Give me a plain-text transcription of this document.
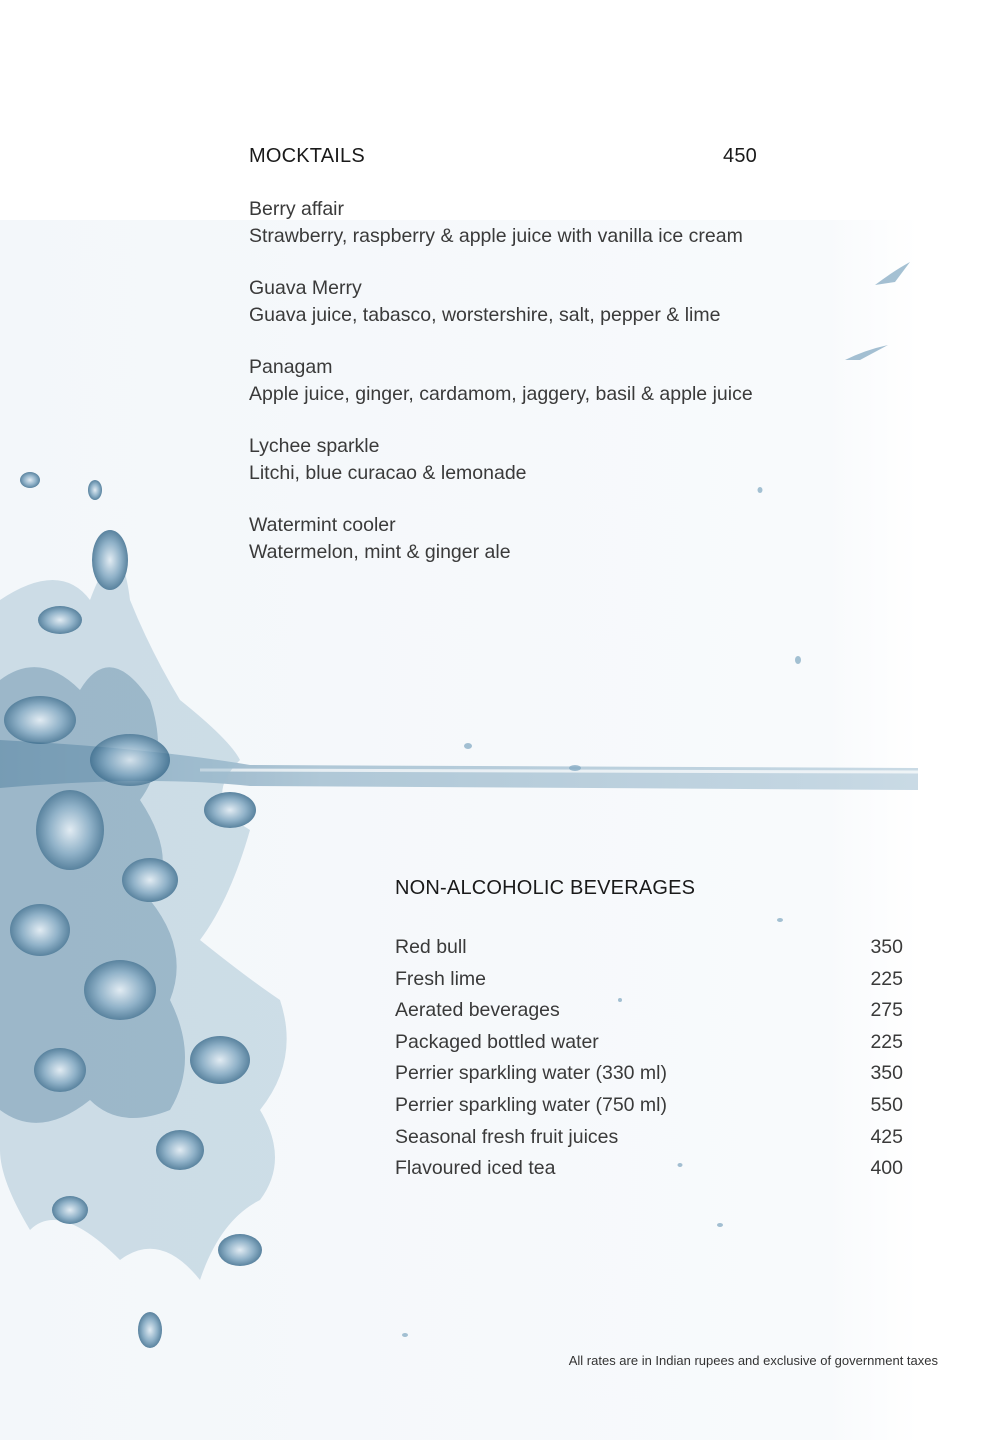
MOCKTAILS	450
Berry affair
Strawberry, raspberry & apple juice with vanilla ice cream
Guava Merry
Guava juice, tabasco, worstershire, salt, pepper & lime
Panagam
Apple juice, ginger, cardamom, jaggery, basil & apple juice
Lychee sparkle
Litchi, blue curacao & lemonade
Watermint cooler
Watermelon, mint & ginger ale
NON-ALCOHOLIC BEVERAGES
Red bull	350
Fresh lime	225
Aerated beverages	275
Packaged bottled water	225
Perrier sparkling water (330 ml)	350
Perrier sparkling water (750 ml)	550
Seasonal fresh fruit juices	425
Flavoured iced tea	400
All rates are in Indian rupees and exclusive of government taxes
